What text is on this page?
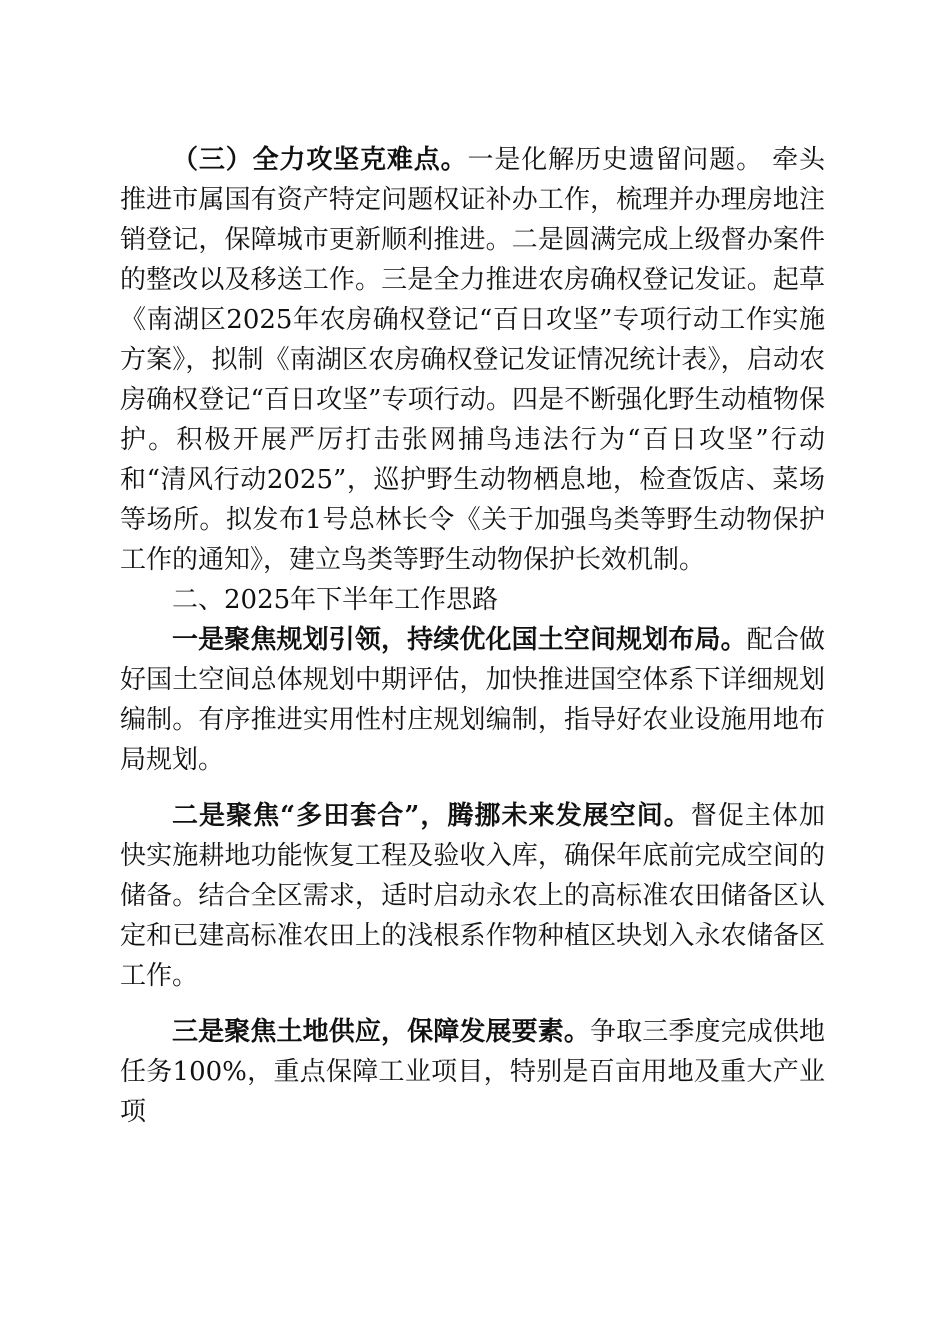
（三）全力攻坚克难点。一是化解历史遗留问题。 牵头推进市属国有资产特定问题权证补办工作，梳理并办理房地注销登记，保障城市更新顺利推进。二是圆满完成上级督办案件的整改以及移送工作。三是全力推进农房确权登记发证。起草《南湖区2025年农房确权登记“百日攻坚”专项行动工作实施方案》，拟制《南湖区农房确权登记发证情况统计表》，启动农房确权登记“百日攻坚”专项行动。四是不断强化野生动植物保护。积极开展严厉打击张网捕鸟违法行为“百日攻坚”行动和“清风行动2025”，巡护野生动物栖息地，检查饭店、菜场等场所。拟发布1号总林长令《关于加强鸟类等野生动物保护工作的通知》，建立鸟类等野生动物保护长效机制。

二、2025年下半年工作思路

一是聚焦规划引领，持续优化国土空间规划布局。配合做好国土空间总体规划中期评估，加快推进国空体系下详细规划编制。有序推进实用性村庄规划编制，指导好农业设施用地布局规划。

二是聚焦“多田套合”，腾挪未来发展空间。督促主体加快实施耕地功能恢复工程及验收入库，确保年底前完成空间的储备。结合全区需求，适时启动永农上的高标准农田储备区认定和已建高标准农田上的浅根系作物种植区块划入永农储备区工作。

三是聚焦土地供应，保障发展要素。争取三季度完成供地任务100%，重点保障工业项目，特别是百亩用地及重大产业项
